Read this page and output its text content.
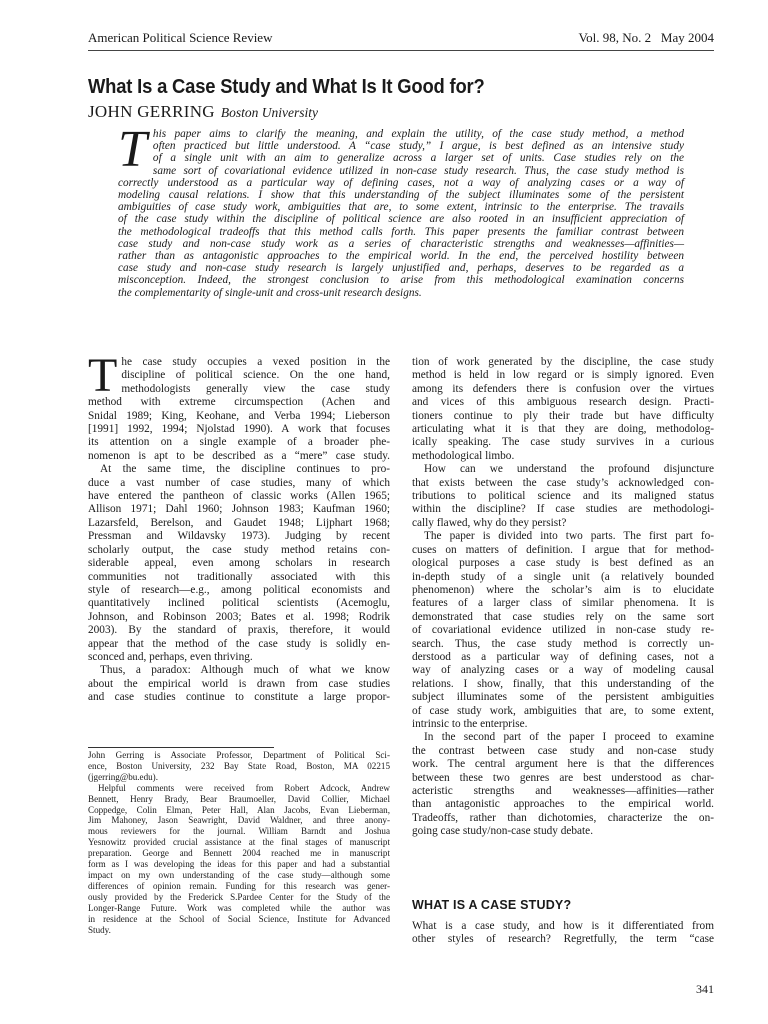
American Political Science Review	Vol. 98, No. 2 May 2004
What Is a Case Study and What Is It Good for?
JOHN GERRING Boston University
T his paper aims to clarify the meaning, and explain the utility, of the case study method, a method
often practiced but little understood. A “case study,” I argue, is best defined as an intensive study
of a single unit with an aim to generalize across a larger set of units. Case studies rely on the
same sort of covariational evidence utilized in non-case study research. Thus, the case study method is
correctly understood as a particular way of defining cases, not a way of analyzing cases or a way of
modeling causal relations. I show that this understanding of the subject illuminates some of the persistent
ambiguities of case study work, ambiguities that are, to some extent, intrinsic to the enterprise. The travails
of the case study within the discipline of political science are also rooted in an insufficient appreciation of
the methodological tradeoffs that this method calls forth. This paper presents the familiar contrast between
case study and non-case study work as a series of characteristic strengths and weaknesses—affinities—
rather than as antagonistic approaches to the empirical world. In the end, the perceived hostility between
case study and non-case study research is largely unjustified and, perhaps, deserves to be regarded as a
misconception. Indeed, the strongest conclusion to arise from this methodological examination concerns
the complementarity of single-unit and cross-unit research designs.
T he case study occupies a vexed position in the
discipline of political science. On the one hand,
methodologists generally view the case study
method with extreme circumspection (Achen and
Snidal 1989; King, Keohane, and Verba 1994; Lieberson
[1991] 1992, 1994; Njolstad 1990). A work that focuses
its attention on a single example of a broader phe-
nomenon is apt to be described as a “mere” case study.
At the same time, the discipline continues to pro-
duce a vast number of case studies, many of which
have entered the pantheon of classic works (Allen 1965;
Allison 1971; Dahl 1960; Johnson 1983; Kaufman 1960;
Lazarsfeld, Berelson, and Gaudet 1948; Lijphart 1968;
Pressman and Wildavsky 1973). Judging by recent
scholarly output, the case study method retains con-
siderable appeal, even among scholars in research
communities not traditionally associated with this
style of research—e.g., among political economists and
quantitatively inclined political scientists (Acemoglu,
Johnson, and Robinson 2003; Bates et al. 1998; Rodrik
2003). By the standard of praxis, therefore, it would
appear that the method of the case study is solidly en-
sconced and, perhaps, even thriving.
Thus, a paradox: Although much of what we know
about the empirical world is drawn from case studies
and case studies continue to constitute a large propor-
tion of work generated by the discipline, the case study
method is held in low regard or is simply ignored. Even
among its defenders there is confusion over the virtues
and vices of this ambiguous research design. Practi-
tioners continue to ply their trade but have difficulty
articulating what it is that they are doing, methodolog-
ically speaking. The case study survives in a curious
methodological limbo.
How can we understand the profound disjuncture
that exists between the case study’s acknowledged con-
tributions to political science and its maligned status
within the discipline? If case studies are methodologi-
cally flawed, why do they persist?
The paper is divided into two parts. The first part fo-
cuses on matters of definition. I argue that for method-
ological purposes a case study is best defined as an
in-depth study of a single unit (a relatively bounded
phenomenon) where the scholar’s aim is to elucidate
features of a larger class of similar phenomena. It is
demonstrated that case studies rely on the same sort
of covariational evidence utilized in non-case study re-
search. Thus, the case study method is correctly un-
derstood as a particular way of defining cases, not a
way of analyzing cases or a way of modeling causal
relations. I show, finally, that this understanding of the
subject illuminates some of the persistent ambiguities
of case study work, ambiguities that are, to some extent,
intrinsic to the enterprise.
In the second part of the paper I proceed to examine
the contrast between case study and non-case study
work. The central argument here is that the differences
between these two genres are best understood as char-
acteristic strengths and weaknesses—affinities—rather
than antagonistic approaches to the empirical world.
Tradeoffs, rather than dichotomies, characterize the on-
going case study/non-case study debate.
John Gerring is Associate Professor, Department of Political Sci-
ence, Boston University, 232 Bay State Road, Boston, MA 02215
(jgerring@bu.edu).
Helpful comments were received from Robert Adcock, Andrew
Bennett, Henry Brady, Bear Braumoeller, David Collier, Michael
Coppedge, Colin Elman, Peter Hall, Alan Jacobs, Evan Lieberman,
Jim Mahoney, Jason Seawright, David Waldner, and three anony-
mous reviewers for the journal. William Barndt and Joshua
Yesnowitz provided crucial assistance at the final stages of manuscript
preparation. George and Bennett 2004 reached me in manuscript
form as I was developing the ideas for this paper and had a substantial
impact on my own understanding of the case study—although some
differences of opinion remain. Funding for this research was gener-
ously provided by the Frederick S.Pardee Center for the Study of the
Longer-Range Future. Work was completed while the author was
in residence at the School of Social Science, Institute for Advanced
Study.
WHAT IS A CASE STUDY?
What is a case study, and how is it differentiated from
other styles of research? Regretfully, the term “case
341
